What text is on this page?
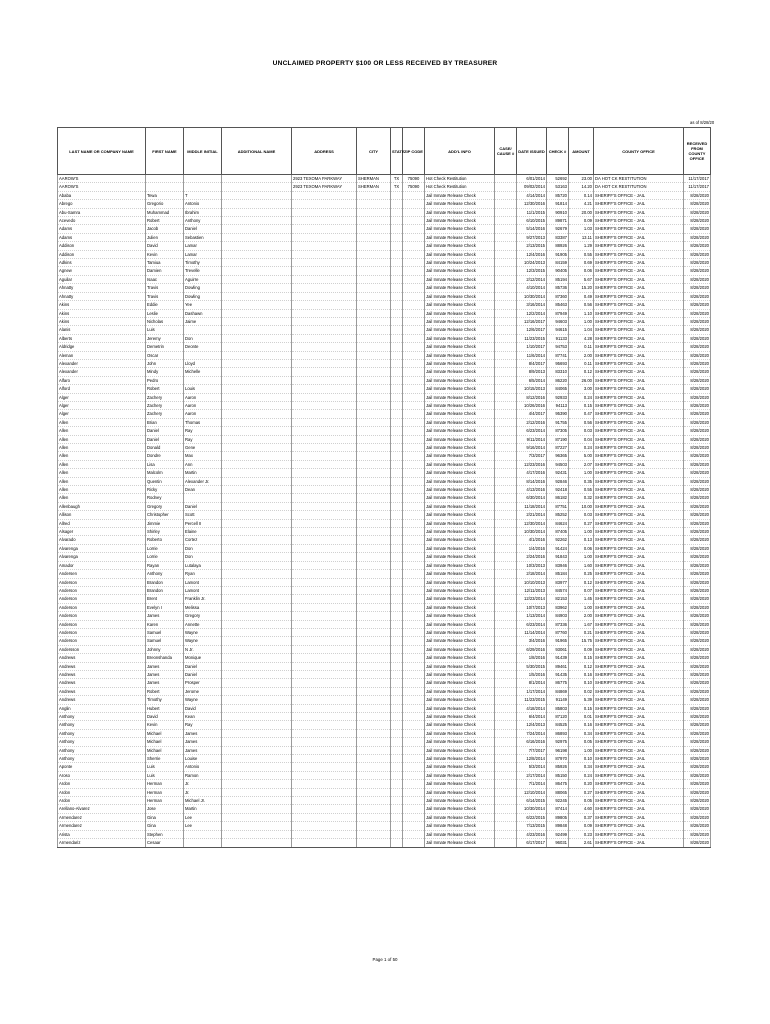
UNCLAIMED PROPERTY $100 OR LESS RECEIVED BY TREASURER
as of 8/28/20
LAST NAME OR COMPANY NAME	FIRST NAME	MIDDLE INITIAL	ADDITIONAL NAME	ADDRESS	CITY	STATE	ZIP CODE	ADD'L INFO	CASE/ CAUSE #	DATE ISSUED	CHECK #	AMOUNT	COUNTY OFFICE	RECEIVED FROM COUNTY OFFICE
AAROW'S				2923 TEXOMA PARKWAY	SHERMAN	TX	75090	Hot Check Restitution		6/01/2014	52692	23.00	DA HOT CK RESTITUTION	11/17/2017
AAROW'S				2923 TEXOMA PARKWAY	SHERMAN	TX	75090	Hot Check Restitution		09/02/2014	53163	14.20	DA HOT CK RESTITUTION	11/17/2017
Ababa	Tewa	T						Jail Inmate Release Check		4/14/2014	85720	0.14	SHERIFF'S OFFICE - JAIL	8/28/2020
Abrego	Gregorio	Antonio						Jail Inmate Release Check		12/30/2016	91814	4.21	SHERIFF'S OFFICE - JAIL	8/28/2020
Abu-Samra	Muhammad	Ibrahim						Jail Inmate Release Check		11/1/2015	90910	20.00	SHERIFF'S OFFICE - JAIL	8/28/2020
Acevedo	Robert	Anthony						Jail Inmate Release Check		6/10/2015	89871	0.09	SHERIFF'S OFFICE - JAIL	8/28/2020
Adams	Jacob	Daniel						Jail Inmate Release Check		5/14/2016	92679	1.03	SHERIFF'S OFFICE - JAIL	8/28/2020
Adams	Julien	Sebastien						Jail Inmate Release Check		9/27/2013	83387	13.11	SHERIFF'S OFFICE - JAIL	8/28/2020
Addison	David	Lamar						Jail Inmate Release Check		2/13/2015	88926	1.29	SHERIFF'S OFFICE - JAIL	8/28/2020
Addison	Kevin	Lamar						Jail Inmate Release Check		12/4/2016	91905	0.55	SHERIFF'S OFFICE - JAIL	8/28/2020
Adkins	Tamiua	Timothy						Jail Inmate Release Check		10/24/2013	84159	0.69	SHERIFF'S OFFICE - JAIL	8/28/2020
Agnew	Damien	Trevelle						Jail Inmate Release Check		12/3/2015	90405	0.06	SHERIFF'S OFFICE - JAIL	8/28/2020
Aguilar	Isaac	Aguirre						Jail Inmate Release Check		2/12/2014	85194	5.67	SHERIFF'S OFFICE - JAIL	8/28/2020
Ahnatty	Travis	Dowling						Jail Inmate Release Check		4/10/2014	85736	15.20	SHERIFF'S OFFICE - JAIL	8/28/2020
Ahnatty	Travis	Dowling						Jail Inmate Release Check		10/30/2014	87360	0.49	SHERIFF'S OFFICE - JAIL	8/28/2020
Akins	Eddie	Yee						Jail Inmate Release Check		3/16/2014	85463	0.56	SHERIFF'S OFFICE - JAIL	8/28/2020
Akins	Leslie	Dashawn						Jail Inmate Release Check		12/2/2014	87949	1.10	SHERIFF'S OFFICE - JAIL	8/28/2020
Akins	Nicholas	Jaime						Jail Inmate Release Check		12/16/2017	94603	1.00	SHERIFF'S OFFICE - JAIL	8/28/2020
Alanis	Luis							Jail Inmate Release Check		12/6/2017	94615	1.04	SHERIFF'S OFFICE - JAIL	8/28/2020
Alberts	Jeremy	Don						Jail Inmate Release Check		11/23/2015	91133	4.28	SHERIFF'S OFFICE - JAIL	8/28/2020
Aldridge	Demetrin	Deonte						Jail Inmate Release Check		1/10/2017	94753	0.11	SHERIFF'S OFFICE - JAIL	8/28/2020
Aleman	Oscar							Jail Inmate Release Check		11/6/2014	87741	2.00	SHERIFF'S OFFICE - JAIL	8/28/2020
Alexander	John	Lloyd						Jail Inmate Release Check		8/4/2017	95693	0.11	SHERIFF'S OFFICE - JAIL	8/28/2020
Alexander	Mindy	Michelle						Jail Inmate Release Check		8/9/2013	83310	0.12	SHERIFF'S OFFICE - JAIL	8/28/2020
Alfaro	Pedro							Jail Inmate Release Check		6/5/2014	86220	26.00	SHERIFF'S OFFICE - JAIL	8/28/2020
Alford	Robert	Louis						Jail Inmate Release Check		10/15/2013	84065	3.00	SHERIFF'S OFFICE - JAIL	8/28/2020
Alger	Zachery	Aaron						Jail Inmate Release Check		8/12/2016	92933	0.24	SHERIFF'S OFFICE - JAIL	8/28/2020
Alger	Zachery	Aaron						Jail Inmate Release Check		10/26/2016	94113	0.15	SHERIFF'S OFFICE - JAIL	8/28/2020
Alger	Zachery	Aaron						Jail Inmate Release Check		4/4/2017	95390	0.47	SHERIFF'S OFFICE - JAIL	8/28/2020
Allen	Brian	Thomas						Jail Inmate Release Check		2/12/2016	91755	0.56	SHERIFF'S OFFICE - JAIL	8/28/2020
Allen	Daniel	Ray						Jail Inmate Release Check		6/23/2014	87305	0.03	SHERIFF'S OFFICE - JAIL	8/28/2020
Allen	Daniel	Ray						Jail Inmate Release Check		9/11/2014	87190	0.04	SHERIFF'S OFFICE - JAIL	8/28/2020
Allen	Donald	Gene						Jail Inmate Release Check		9/16/2014	87227	0.24	SHERIFF'S OFFICE - JAIL	8/28/2020
Allen	Dondre	Max						Jail Inmate Release Check		7/3/2017	96365	5.00	SHERIFF'S OFFICE - JAIL	8/28/2020
Allen	Lisa	Ann						Jail Inmate Release Check		12/23/2016	94503	2.07	SHERIFF'S OFFICE - JAIL	8/28/2020
Allen	Malcolm	Martin						Jail Inmate Release Check		4/17/2016	92431	1.00	SHERIFF'S OFFICE - JAIL	8/28/2020
Allen	Quentin	Alexander Jr.						Jail Inmate Release Check		8/14/2016	92846	0.35	SHERIFF'S OFFICE - JAIL	8/28/2020
Allen	Ricky	Dean						Jail Inmate Release Check		4/13/2016	92418	0.55	SHERIFF'S OFFICE - JAIL	8/28/2020
Allen	Rodney							Jail Inmate Release Check		6/30/2014	86182	0.32	SHERIFF'S OFFICE - JAIL	8/28/2020
Allenbaugh	Gregory	Daniel						Jail Inmate Release Check		11/18/2014	87751	10.00	SHERIFF'S OFFICE - JAIL	8/28/2020
Allison	Christopher	Scott						Jail Inmate Release Check		2/21/2014	85252	0.03	SHERIFF'S OFFICE - JAIL	8/28/2020
Allred	Jimmie	Percell II						Jail Inmate Release Check		12/30/2014	84624	0.27	SHERIFF'S OFFICE - JAIL	8/28/2020
Alsager	Shirley	Elaine						Jail Inmate Release Check		10/30/2014	87405	1.00	SHERIFF'S OFFICE - JAIL	8/28/2020
Alvarado	Roberto	Cortez						Jail Inmate Release Check		4/1/2016	92262	0.13	SHERIFF'S OFFICE - JAIL	8/28/2020
Alvarenga	Lorrie	Don						Jail Inmate Release Check		1/4/2016	91424	0.06	SHERIFF'S OFFICE - JAIL	8/28/2020
Alvarenga	Lorrie	Don						Jail Inmate Release Check		2/24/2016	91843	1.00	SHERIFF'S OFFICE - JAIL	8/28/2020
Amador	Rayan	Lutalaya						Jail Inmate Release Check		10/3/2013	83946	1.60	SHERIFF'S OFFICE - JAIL	8/28/2020
Andersen	Anthony	Ryan						Jail Inmate Release Check		2/18/2014	85184	0.25	SHERIFF'S OFFICE - JAIL	8/28/2020
Anderson	Brandon	Lamont						Jail Inmate Release Check		10/10/2013	83977	0.12	SHERIFF'S OFFICE - JAIL	8/28/2020
Anderson	Brandon	Lamont						Jail Inmate Release Check		12/11/2013	84574	0.07	SHERIFF'S OFFICE - JAIL	8/28/2020
Anderson	Brent	Franklin Jr.						Jail Inmate Release Check		12/23/2014	82153	1.45	SHERIFF'S OFFICE - JAIL	8/28/2020
Anderson	Evelyn I	Melissa						Jail Inmate Release Check		10/7/2013	83962	1.00	SHERIFF'S OFFICE - JAIL	8/28/2020
Anderson	James	Gregory						Jail Inmate Release Check		1/13/2014	84903	2.00	SHERIFF'S OFFICE - JAIL	8/28/2020
Anderson	Karen	Annette						Jail Inmate Release Check		6/23/2014	87336	1.67	SHERIFF'S OFFICE - JAIL	8/28/2020
Anderson	Samuel	Wayne						Jail Inmate Release Check		11/14/2014	87760	0.21	SHERIFF'S OFFICE - JAIL	8/28/2020
Anderson	Samuel	Wayne						Jail Inmate Release Check		3/4/2016	91965	15.75	SHERIFF'S OFFICE - JAIL	8/28/2020
Andersson	Johnny	N Jr.						Jail Inmate Release Check		6/29/2016	93061	0.09	SHERIFF'S OFFICE - JAIL	8/28/2020
Andrews	Breonshanda	Monique						Jail Inmate Release Check		1/8/2016	91439	0.15	SHERIFF'S OFFICE - JAIL	8/28/2020
Andrews	James	Daniel						Jail Inmate Release Check		5/30/2015	89461	0.12	SHERIFF'S OFFICE - JAIL	8/28/2020
Andrews	James	Daniel						Jail Inmate Release Check		1/5/2016	91435	0.16	SHERIFF'S OFFICE - JAIL	8/28/2020
Andrews	James	Prosper						Jail Inmate Release Check		8/1/2014	86775	0.10	SHERIFF'S OFFICE - JAIL	8/28/2020
Andrews	Robert	Jerome						Jail Inmate Release Check		1/17/2014	84869	0.02	SHERIFF'S OFFICE - JAIL	8/28/2020
Andrews	Timothy	Wayne						Jail Inmate Release Check		11/23/2015	91149	5.39	SHERIFF'S OFFICE - JAIL	8/28/2020
Anglin	Hubert	David						Jail Inmate Release Check		4/18/2014	85803	0.15	SHERIFF'S OFFICE - JAIL	8/28/2020
Anthony	David	Kean						Jail Inmate Release Check		6/4/2014	87120	0.01	SHERIFF'S OFFICE - JAIL	8/28/2020
Anthony	Kevin	Ray						Jail Inmate Release Check		12/4/2013	84525	0.16	SHERIFF'S OFFICE - JAIL	8/28/2020
Anthony	Michael	James						Jail Inmate Release Check		7/24/2014	86893	0.34	SHERIFF'S OFFICE - JAIL	8/28/2020
Anthony	Michael	James						Jail Inmate Release Check		6/16/2016	92975	0.05	SHERIFF'S OFFICE - JAIL	8/28/2020
Anthony	Michael	James						Jail Inmate Release Check		7/7/2017	96198	1.00	SHERIFF'S OFFICE - JAIL	8/28/2020
Anthony	Sherrie	Louise						Jail Inmate Release Check		12/8/2014	87970	0.10	SHERIFF'S OFFICE - JAIL	8/28/2020
Aponte	Luis	Antonio						Jail Inmate Release Check		5/3/2014	85926	0.34	SHERIFF'S OFFICE - JAIL	8/28/2020
Aroso	Luis	Ramon						Jail Inmate Release Check		2/17/2014	85150	0.24	SHERIFF'S OFFICE - JAIL	8/28/2020
Ardon	Herman	Jr.						Jail Inmate Release Check		7/1/2014	86475	0.20	SHERIFF'S OFFICE - JAIL	8/28/2020
Ardon	Herman	Jr.						Jail Inmate Release Check		12/10/2014	88065	0.27	SHERIFF'S OFFICE - JAIL	8/28/2020
Ardon	Herman	Michael Jr.						Jail Inmate Release Check		6/14/2015	92245	0.05	SHERIFF'S OFFICE - JAIL	8/28/2020
Arellano-Alvarez	Jose	Martin						Jail Inmate Release Check		10/30/2014	87414	4.60	SHERIFF'S OFFICE - JAIL	8/28/2020
Armendarez	Gina	Lee						Jail Inmate Release Check		6/22/2015	89805	0.37	SHERIFF'S OFFICE - JAIL	8/28/2020
Armendarez	Gina	Lee						Jail Inmate Release Check		7/13/2015	89848	0.09	SHERIFF'S OFFICE - JAIL	8/28/2020
Arista	Stephen							Jail Inmate Release Check		4/23/2016	92499	0.23	SHERIFF'S OFFICE - JAIL	8/28/2020
Armendariz	Cesaar							Jail Inmate Release Check		6/17/2017	96031	2.61	SHERIFF'S OFFICE - JAIL	8/28/2020
Page 1 of 50
